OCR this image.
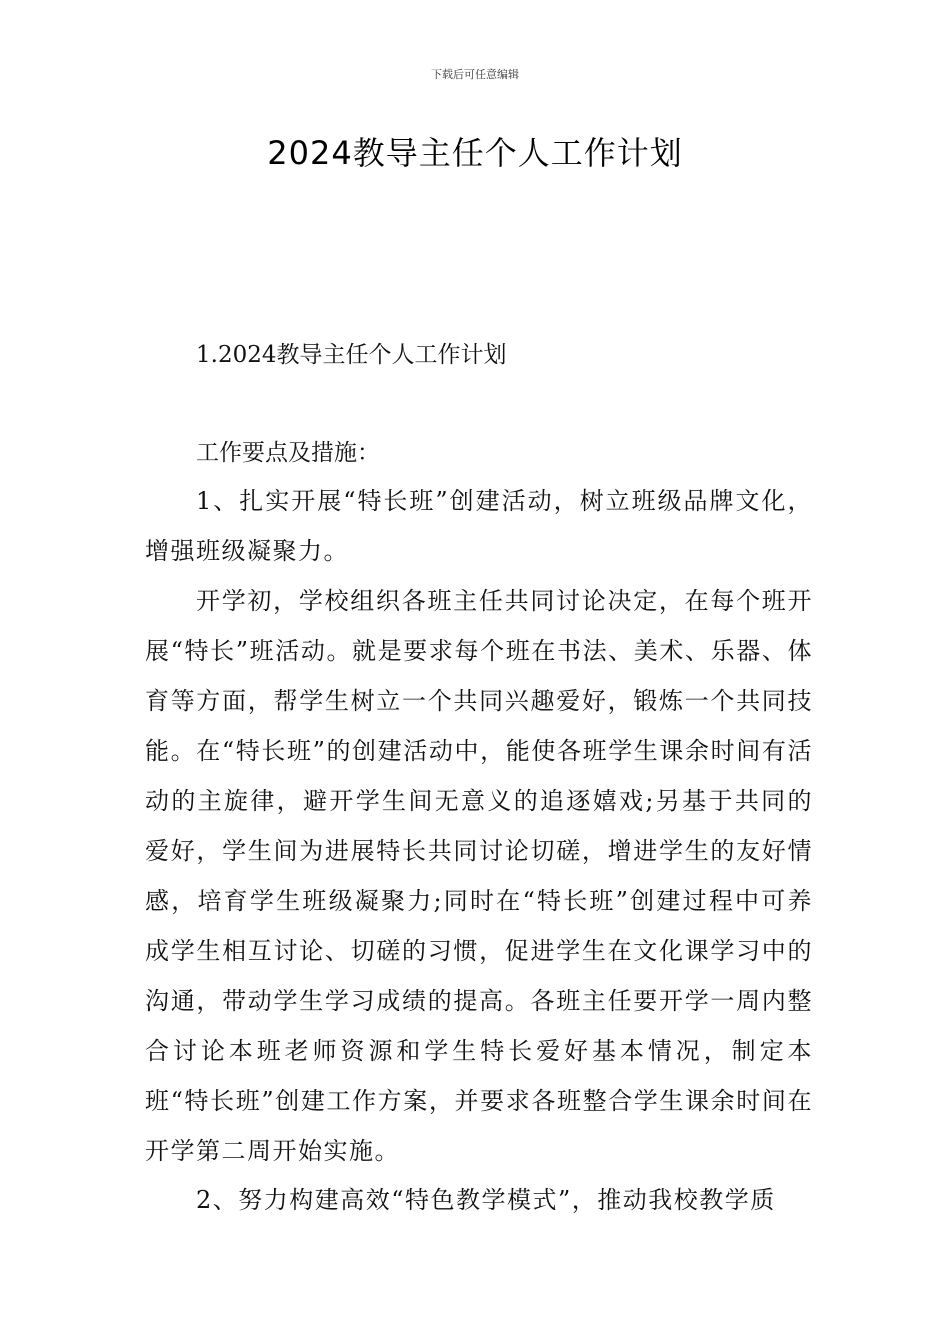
下载后可任意编辑
2024教导主任个人工作计划
1.2024教导主任个人工作计划
工作要点及措施：

1、扎实开展“特长班”创建活动，树立班级品牌文化，增强班级凝聚力。

开学初，学校组织各班主任共同讨论决定，在每个班开展“特长”班活动。就是要求每个班在书法、美术、乐器、体育等方面，帮学生树立一个共同兴趣爱好，锻炼一个共同技能。在“特长班”的创建活动中，能使各班学生课余时间有活动的主旋律，避开学生间无意义的追逐嬉戏;另基于共同的爱好，学生间为进展特长共同讨论切磋，增进学生的友好情感，培育学生班级凝聚力;同时在“特长班”创建过程中可养成学生相互讨论、切磋的习惯，促进学生在文化课学习中的沟通，带动学生学习成绩的提高。各班主任要开学一周内整合讨论本班老师资源和学生特长爱好基本情况，制定本班“特长班”创建工作方案，并要求各班整合学生课余时间在开学第二周开始实施。

2、努力构建高效“特色教学模式”，推动我校教学质
